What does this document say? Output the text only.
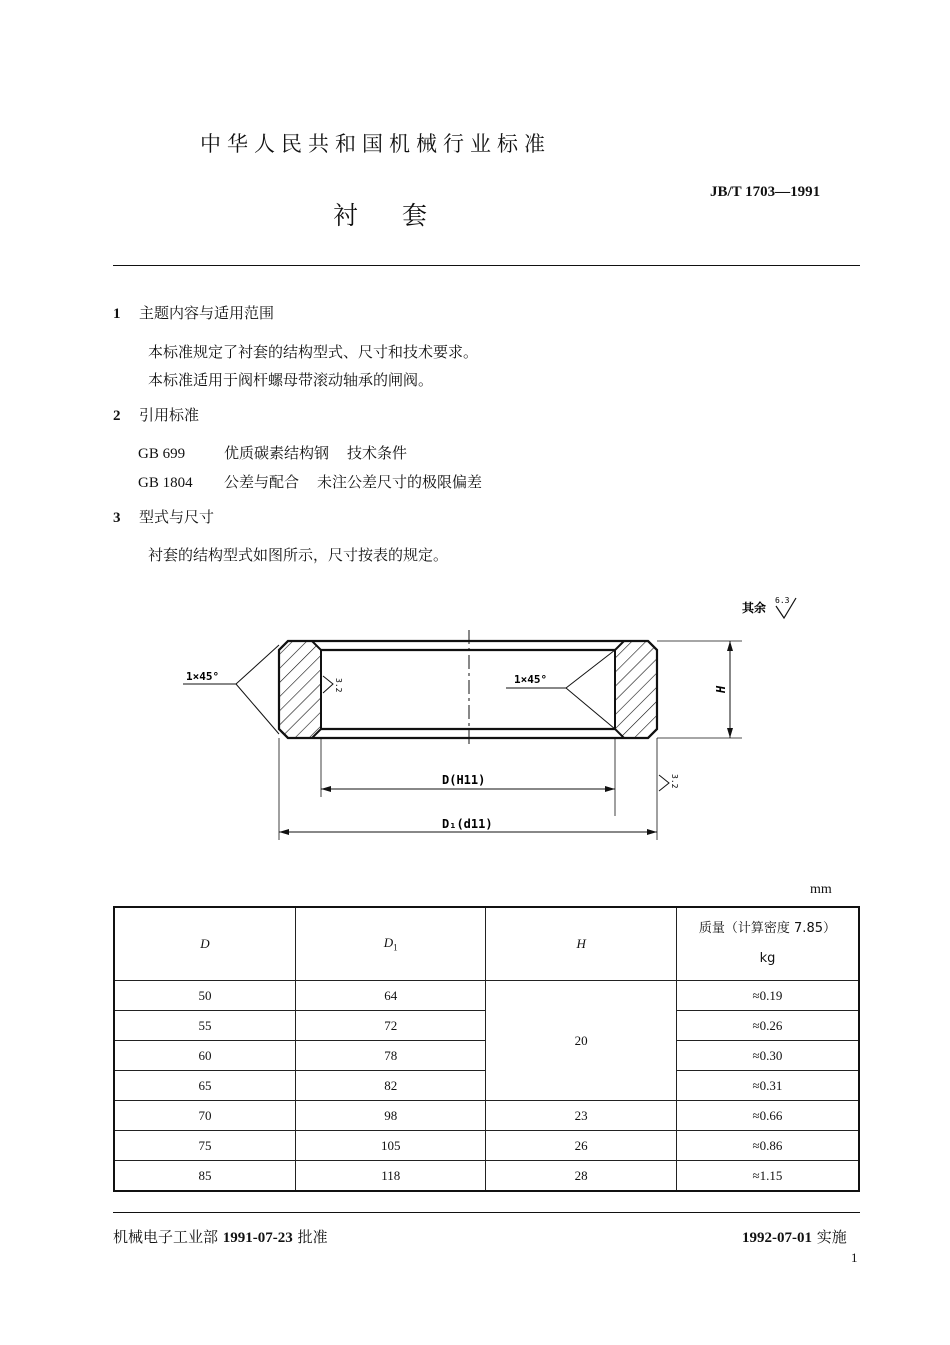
中华人民共和国机械行业标准
衬套
JB/T 1703—1991
1 主题内容与适用范围
本标准规定了衬套的结构型式、尺寸和技术要求。
本标准适用于阀杆螺母带滚动轴承的闸阀。
2 引用标准
GB 699	优质碳素结构钢 技术条件
GB 1804 公差与配合 未注公差尺寸的极限偏差
3 型式与尺寸
衬套的结构型式如图所示，尺寸按表的规定。
其余
6.3
1×45°	1×45°
3.2	H
D(H11)	3.2
D₁(d11)
mm
D	$D_1$	H	质量（计算密度 7.85）
kg

50	64	20	≈0.19
55	72		≈0.26
60	78		≈0.30
65	82		≈0.31
70	98	23	≈0.66
75	105	26	≈0.86
85	118	28	≈1.15
机械电子工业部 1991-07-23 批准	1992-07-01 实施
1
